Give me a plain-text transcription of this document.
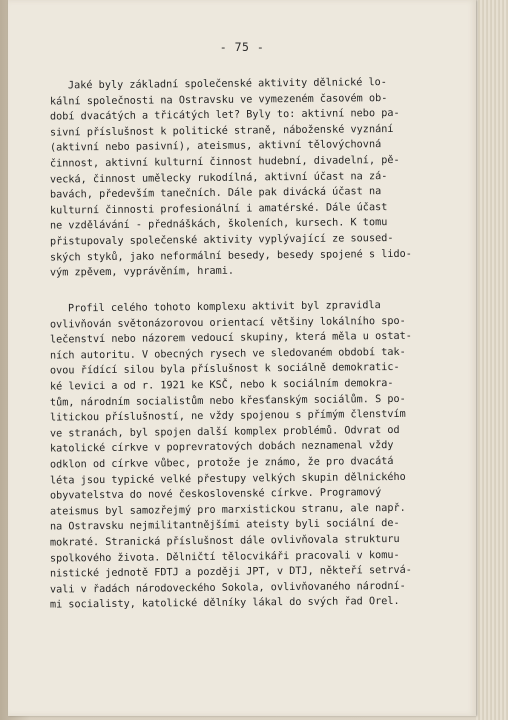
- 75 -
Jaké byly základní společenské aktivity dělnické lo-
kální společnosti na Ostravsku ve vymezeném časovém ob-
dobí dvacátých a třicátých let? Byly to: aktivní nebo pa-
sivní příslušnost k politické straně, náboženské vyznání
(aktivní nebo pasivní), ateismus, aktivní tělovýchovná
činnost, aktivní kulturní činnost hudební, divadelní, pě-
vecká, činnost umělecky rukodílná, aktivní účast na zá-
bavách, především tanečních. Dále pak divácká účast na
kulturní činnosti profesionální i amatérské. Dále účast
ne vzdělávání - přednáškách, školeních, kursech. K tomu
přistupovaly společenské aktivity vyplývající ze soused-
ských styků, jako neformální besedy, besedy spojené s lido-
vým zpěvem, vyprávěním, hrami.
Profil celého tohoto komplexu aktivit byl zpravidla
ovlivňován světonázorovou orientací většiny lokálního spo-
lečenství nebo názorem vedoucí skupiny, která měla u ostat-
ních autoritu. V obecných rysech ve sledovaném období tak-
ovou řídící silou byla příslušnost k sociálně demokratic-
ké levici a od r. 1921 ke KSČ, nebo k sociálním demokra-
tům, národním socialistům nebo křesťanským sociálům. S po-
litickou příslušností, ne vždy spojenou s přímým členstvím
ve stranách, byl spojen další komplex problémů. Odvrat od
katolické církve v poprevratových dobách neznamenal vždy
odklon od církve vůbec, protože je známo, že pro dvacátá
léta jsou typické velké přestupy velkých skupin dělnického
obyvatelstva do nové československé církve. Programový
ateismus byl samozřejmý pro marxistickou stranu, ale např.
na Ostravsku nejmilitantnějšími ateisty byli sociální de-
mokraté. Stranická příslušnost dále ovlivňovala strukturu
spolkového života. Dělničtí tělocvikáři pracovali v komu-
nistické jednotě FDTJ a později JPT, v DTJ, někteří setrvá-
vali v řadách národoveckého Sokola, ovlivňovaného národní-
mi socialisty, katolické dělníky lákal do svých řad Orel.
